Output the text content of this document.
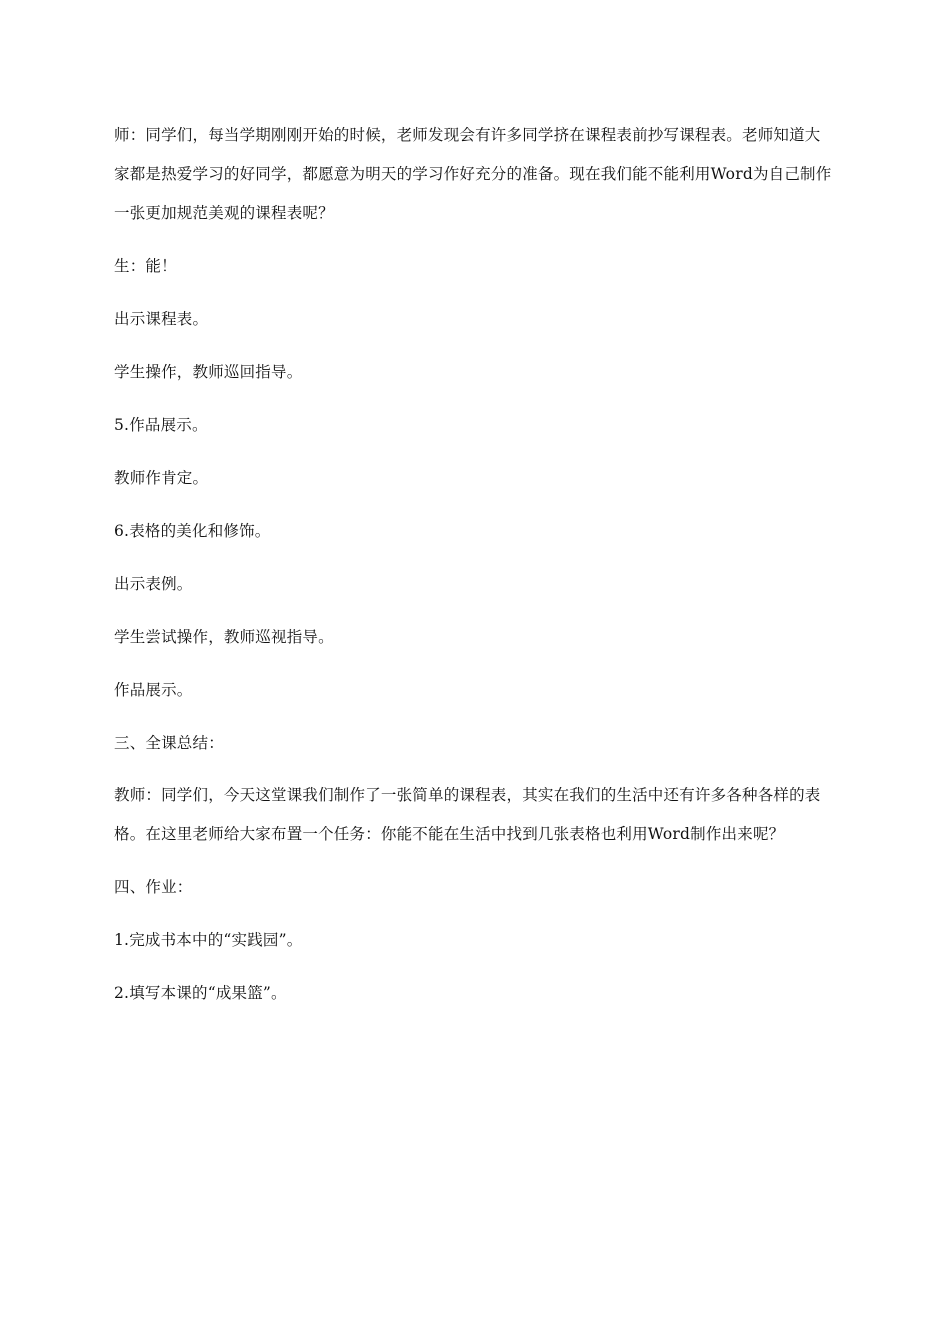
师：同学们，每当学期刚刚开始的时候，老师发现会有许多同学挤在课程表前抄写课程表。老师知道大家都是热爱学习的好同学，都愿意为明天的学习作好充分的准备。现在我们能不能利用Word为自己制作一张更加规范美观的课程表呢？

生：能！

出示课程表。

学生操作，教师巡回指导。

5.作品展示。

教师作肯定。

6.表格的美化和修饰。

出示表例。

学生尝试操作，教师巡视指导。

作品展示。

三、全课总结：

教师：同学们，今天这堂课我们制作了一张简单的课程表，其实在我们的生活中还有许多各种各样的表格。在这里老师给大家布置一个任务：你能不能在生活中找到几张表格也利用Word制作出来呢？

四、作业：

1.完成书本中的“实践园”。

2.填写本课的“成果篮”。
